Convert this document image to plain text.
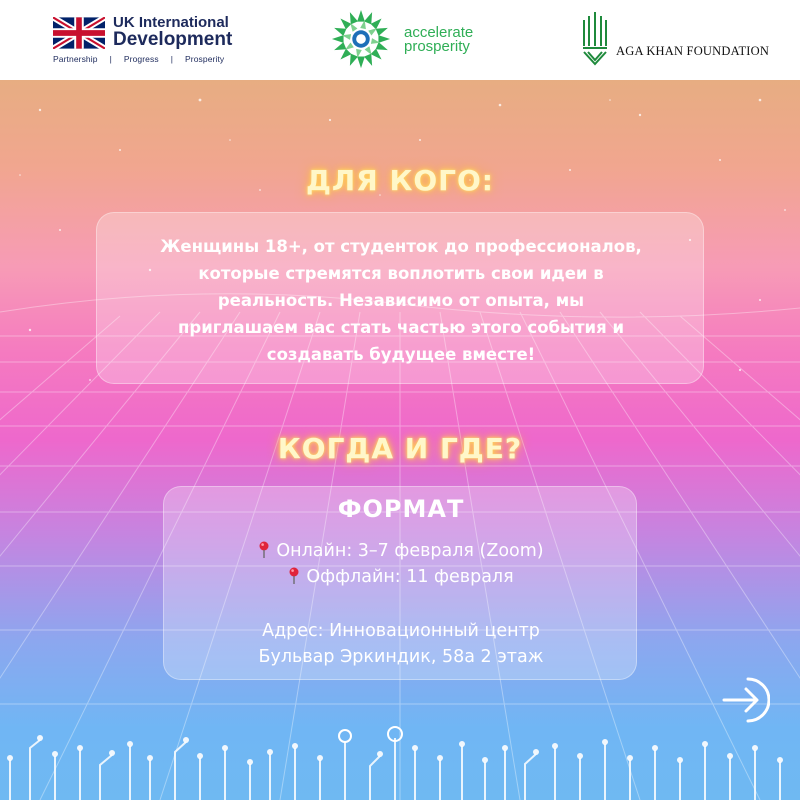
UK International
Development
Partnership | Progress | Prosperity
accelerate
prosperity	AGA KHAN FOUNDATION
ДЛЯ КОГО:
Женщины 18+, от студенток до профессионалов,
которые стремятся воплотить свои идеи в
реальность. Независимо от опыта, мы
приглашаем вас стать частью этого события и
создавать будущее вместе!
КОГДА И ГДЕ?
ФОРМАТ
Онлайн: 3–7 февраля (Zoom)
Оффлайн: 11 февраля
Адрес: Инновационный центр
Бульвар Эркиндик, 58а 2 этаж
